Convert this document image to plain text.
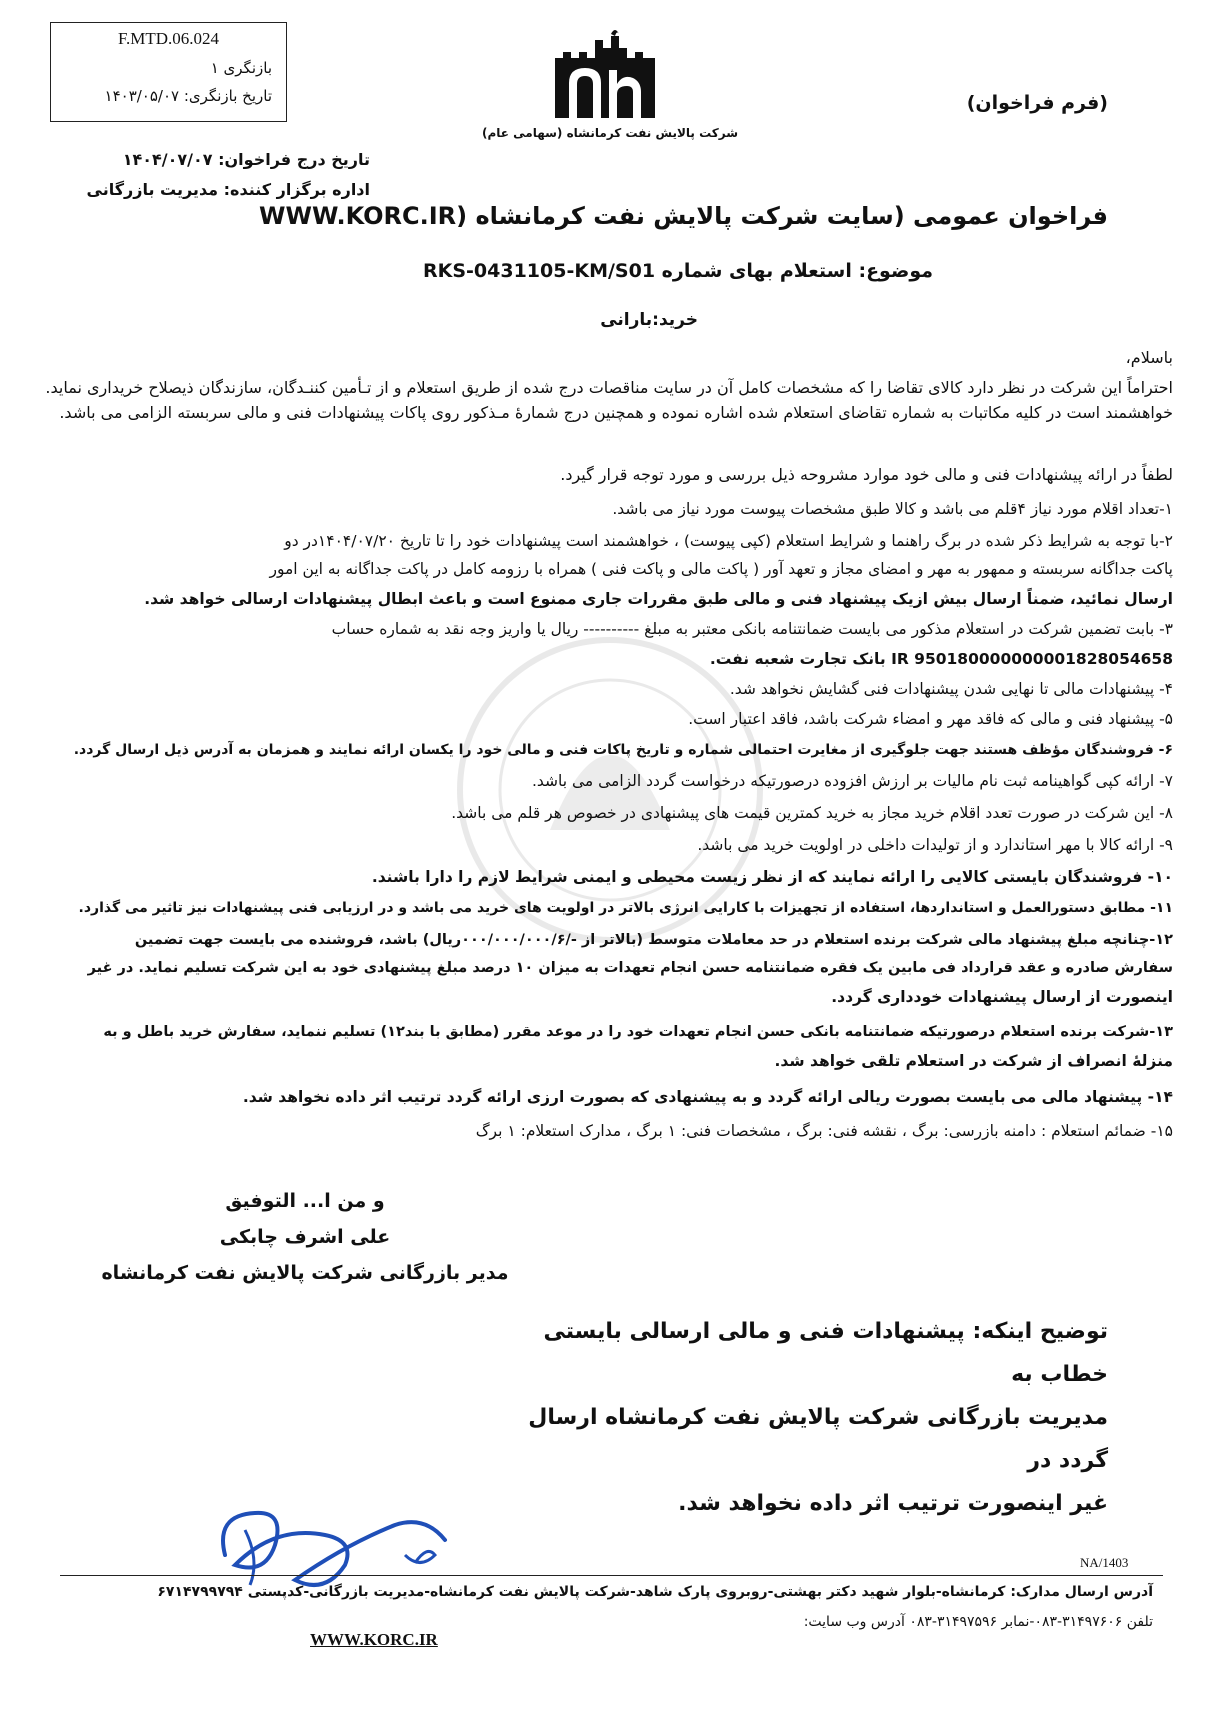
F.MTD.06.024
بازنگری ۱
تاریخ بازنگری: ۱۴۰۳/۰۵/۰۷
شرکت پالایش نفت کرمانشاه (سهامی عام)
(فرم فراخوان)
تاریخ درج فراخوان: ۱۴۰۴/۰۷/۰۷
اداره برگزار کننده: مدیریت بازرگانی
فراخوان عمومی (سایت شرکت پالایش نفت کرمانشاه (WWW.KORC.IR
موضوع: استعلام بهای شماره RKS-0431105-KM/S01
خرید:بارانی
باسلام،
احتراماً این شرکت در نظر دارد کالای تقاضا را که مشخصات کامل آن در سایت مناقصات درج شده از طریق استعلام و از تـأمین کننـدگان، سازندگان ذیصلاح خریداری نماید. خواهشمند است در کلیه مکاتبات به شماره تقاضای استعلام شده اشاره نموده و همچنین درج شمارۀ مـذکور روی پاکات پیشنهادات فنی و مالی سربسته الزامی می باشد.
لطفاً در ارائه پیشنهادات فنی و مالی خود موارد مشروحه ذیل بررسی و مورد توجه قرار گیرد.
۱-تعداد اقلام مورد نیاز ۴قلم می باشد و کالا طبق مشخصات پیوست مورد نیاز می باشد.
۲-با توجه به شرایط ذکر شده در برگ راهنما و شرایط استعلام (کپی پیوست) ، خواهشمند است پیشنهادات خود را تا تاریخ ۱۴۰۴/۰۷/۲۰در دو
پاکت جداگانه سربسته و ممهور به مهر و امضای مجاز و تعهد آور ( پاکت مالی و پاکت فنی ) همراه با رزومه کامل در پاکت جداگانه به این امور
ارسال نمائید، ضمناً ارسال بیش ازیک پیشنهاد فنی و مالی طبق مقررات جاری ممنوع است و باعث ابطال پیشنهادات ارسالی خواهد شد.
۳- بابت تضمین شرکت در استعلام مذکور می بایست ضمانتنامه بانکی معتبر به مبلغ ---------- ریال یا واریز وجه نقد به شماره حساب
IR 950180000000001828054658 بانک تجارت شعبه نفت.
۴- پیشنهادات مالی تا نهایی شدن پیشنهادات فنی گشایش نخواهد شد.
۵- پیشنهاد فنی و مالی که فاقد مهر و امضاء شرکت باشد، فاقد اعتبار است.
۶- فروشندگان مؤظف هستند جهت جلوگیری از مغایرت احتمالی شماره و تاریخ پاکات فنی و مالی خود را یکسان ارائه نمایند و همزمان به آدرس ذیل ارسال گردد.
۷- ارائه کپی گواهینامه ثبت نام مالیات بر ارزش افزوده درصورتیکه درخواست گردد الزامی می باشد.
۸- این شرکت در صورت تعدد اقلام خرید مجاز به خرید کمترین قیمت های پیشنهادی در خصوص هر قلم می باشد.
۹- ارائه کالا با مهر استاندارد و از تولیدات داخلی در اولویت خرید می باشد.
۱۰- فروشندگان بایستی کالایی را ارائه نمایند که از نظر زیست محیطی و ایمنی شرایط لازم را دارا باشند.
۱۱- مطابق دستورالعمل و استانداردها، استفاده از تجهیزات با کارایی انرژی بالاتر در اولویت های خرید می باشد و در ارزیابی فنی پیشنهادات نیز تاثیر می گذارد.
۱۲-چنانچه مبلغ پیشنهاد مالی شرکت برنده استعلام در حد معاملات متوسط (بالاتر از -/۰۰۰/۰۰۰/۰۰۰/۶ریال) باشد، فروشنده می بایست جهت تضمین
سفارش صادره و عقد قرارداد فی مابین یک فقره ضمانتنامه حسن انجام تعهدات به میزان ۱۰ درصد مبلغ پیشنهادی خود به این شرکت تسلیم نماید. در غیر
اینصورت از ارسال پیشنهادات خودداری گردد.
۱۳-شرکت برنده استعلام درصورتیکه ضمانتنامه بانکی حسن انجام تعهدات خود را در موعد مقرر (مطابق با بند۱۲) تسلیم ننماید، سفارش خرید باطل و به
منزلۀ انصراف از شرکت در استعلام تلقی خواهد شد.
۱۴- پیشنهاد مالی می بایست بصورت ریالی ارائه گردد و به پیشنهادی که بصورت ارزی ارائه گردد ترتیب اثر داده نخواهد شد.
۱۵- ضمائم استعلام : دامنه بازرسی: برگ ، نقشه فنی: برگ ، مشخصات فنی: ۱ برگ ، مدارک استعلام: ۱ برگ
توضیح اینکه: پیشنهادات فنی و مالی ارسالی بایستی خطاب به
مدیریت بازرگانی شرکت پالایش نفت کرمانشاه ارسال گردد در
غیر اینصورت ترتیب اثر داده نخواهد شد.
و من ا... التوفیق
علی اشرف چابکی
مدیر بازرگانی شرکت پالایش نفت کرمانشاه
NA/1403
آدرس ارسال مدارک: کرمانشاه-بلوار شهید دکتر بهشتی-روبروی پارک شاهد-شرکت پالایش نفت کرمانشاه-مدیریت بازرگانی-کدپستی ۶۷۱۴۷۹۹۷۹۴
تلفن ۳۱۴۹۷۶۰۶-۰۸۳-نمابر ۳۱۴۹۷۵۹۶-۰۸۳ آدرس وب سایت:
WWW.KORC.IR
